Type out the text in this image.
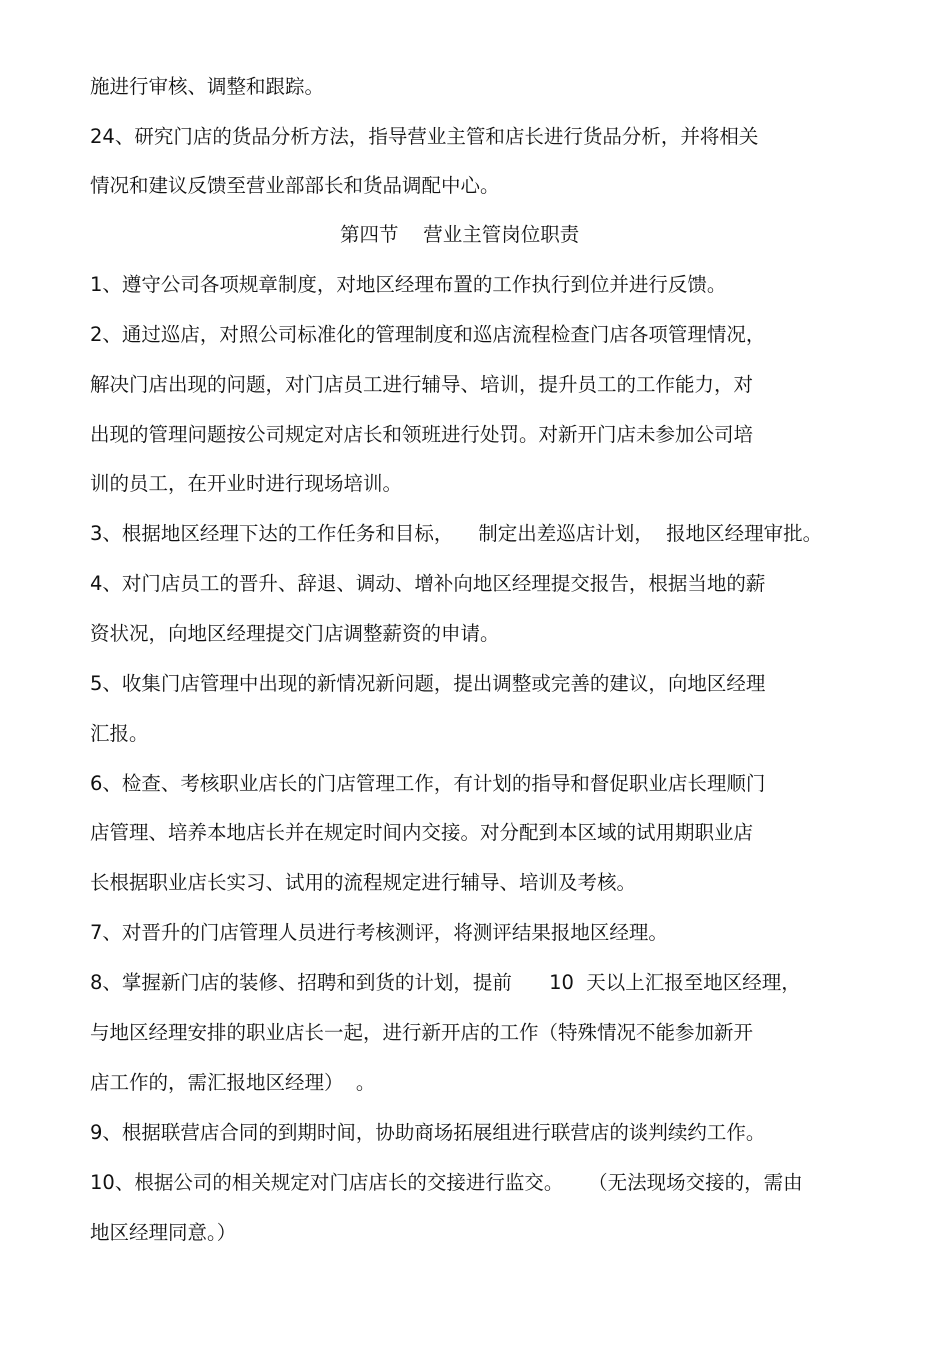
施进行审核、调整和跟踪。
24、研究门店的货品分析方法，指导营业主管和店长进行货品分析，并将相关
情况和建议反馈至营业部部长和货品调配中心。
第四节    营业主管岗位职责
1、遵守公司各项规章制度，对地区经理布置的工作执行到位并进行反馈。
2、通过巡店，对照公司标准化的管理制度和巡店流程检查门店各项管理情况，
解决门店出现的问题，对门店员工进行辅导、培训，提升员工的工作能力，对
出现的管理问题按公司规定对店长和领班进行处罚。对新开门店未参加公司培
训的员工，在开业时进行现场培训。
3、根据地区经理下达的工作任务和目标，    制定出差巡店计划，  报地区经理审批。
4、对门店员工的晋升、辞退、调动、增补向地区经理提交报告，根据当地的薪
资状况，向地区经理提交门店调整薪资的申请。
5、收集门店管理中出现的新情况新问题，提出调整或完善的建议，向地区经理
汇报。
6、检查、考核职业店长的门店管理工作，有计划的指导和督促职业店长理顺门
店管理、培养本地店长并在规定时间内交接。对分配到本区域的试用期职业店
长根据职业店长实习、试用的流程规定进行辅导、培训及考核。
7、对晋升的门店管理人员进行考核测评，将测评结果报地区经理。
8、掌握新门店的装修、招聘和到货的计划，提前      10  天以上汇报至地区经理，
与地区经理安排的职业店长一起，进行新开店的工作（特殊情况不能参加新开
店工作的，需汇报地区经理）  。
9、根据联营店合同的到期时间，协助商场拓展组进行联营店的谈判续约工作。
10、根据公司的相关规定对门店店长的交接进行监交。    （无法现场交接的，需由
地区经理同意。）
